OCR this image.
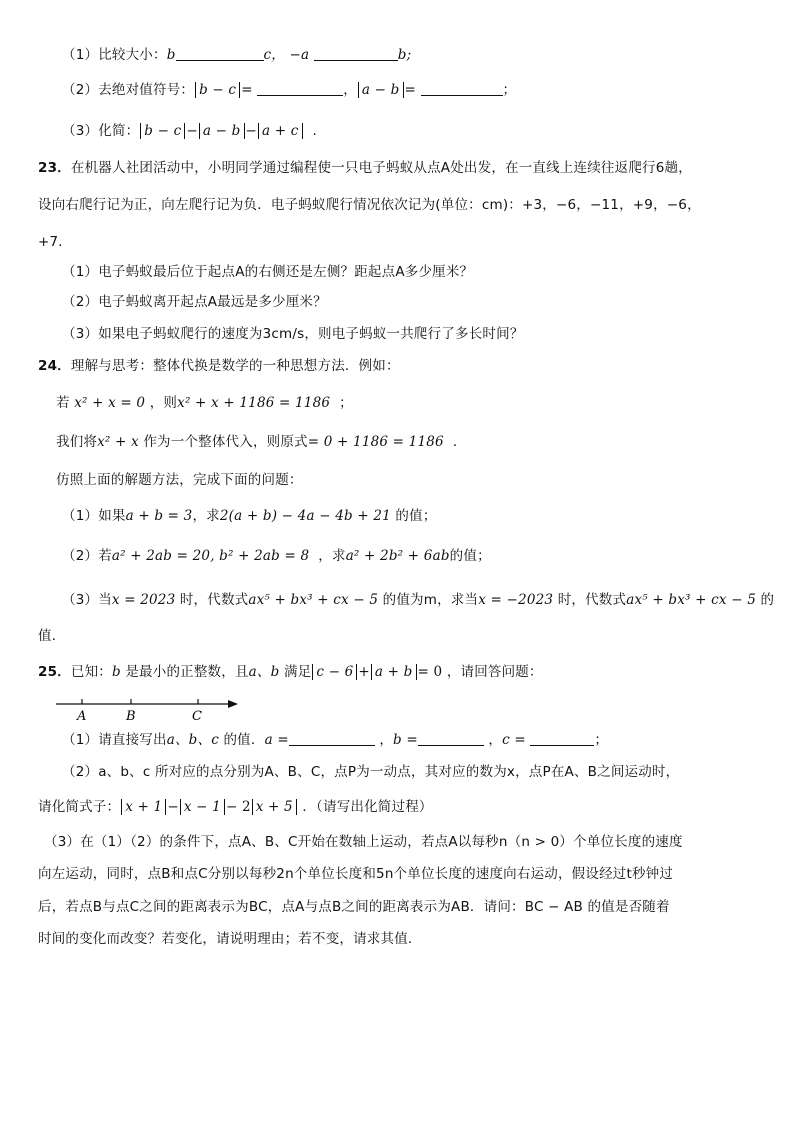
（1）比较大小：b	c， −a	b;
（2）去绝对值符号： b − c =	， a − b =	；
（3）化简： b − c − a − b − a + c .
23．在机器人社团活动中，小明同学通过编程使一只电子蚂蚁从点A处出发，在一直线上连续往返爬行6趟，
设向右爬行记为正，向左爬行记为负．电子蚂蚁爬行情况依次记为(单位：cm)：+3，−6，−11，+9，−6，
+7．
（1）电子蚂蚁最后位于起点A的右侧还是左侧？距起点A多少厘米？
（2）电子蚂蚁离开起点A最远是多少厘米？
（3）如果电子蚂蚁爬行的速度为3cm/s，则电子蚂蚁一共爬行了多长时间？
24．理解与思考：整体代换是数学的一种思想方法．例如：
若 x² + x = 0 ，则x² + x + 1186 = 1186 ；
我们将x² + x 作为一个整体代入，则原式= 0 + 1186 = 1186 ．
仿照上面的解题方法，完成下面的问题：
（1）如果a + b = 3，求2(a + b) − 4a − 4b + 21 的值；
（2）若a² + 2ab = 20, b² + 2ab = 8 ，求a² + 2b² + 6ab的值；
（3）当x = 2023 时，代数式ax⁵ + bx³ + cx − 5 的值为m，求当x = −2023 时，代数式ax⁵ + bx³ + cx − 5 的
值．
25．已知：b 是最小的正整数，且a、b 满足 c − 6 + a + b = 0 ，请回答问题：
A	B	C
（1）请直接写出a、b、c 的值．a =	，b =	，c =	；
（2）a、b、c 所对应的点分别为A、B、C，点P为一动点，其对应的数为x，点P在A、B之间运动时，
请化简式子： x + 1 − x − 1 − 2 x + 5 ．（请写出化简过程）
（3）在（1）（2）的条件下，点A、B、C开始在数轴上运动，若点A以每秒n（n > 0）个单位长度的速度
向左运动，同时，点B和点C分别以每秒2n个单位长度和5n个单位长度的速度向右运动，假设经过t秒钟过
后，若点B与点C之间的距离表示为BC，点A与点B之间的距离表示为AB．请问：BC − AB 的值是否随着
时间的变化而改变？若变化，请说明理由；若不变，请求其值．
